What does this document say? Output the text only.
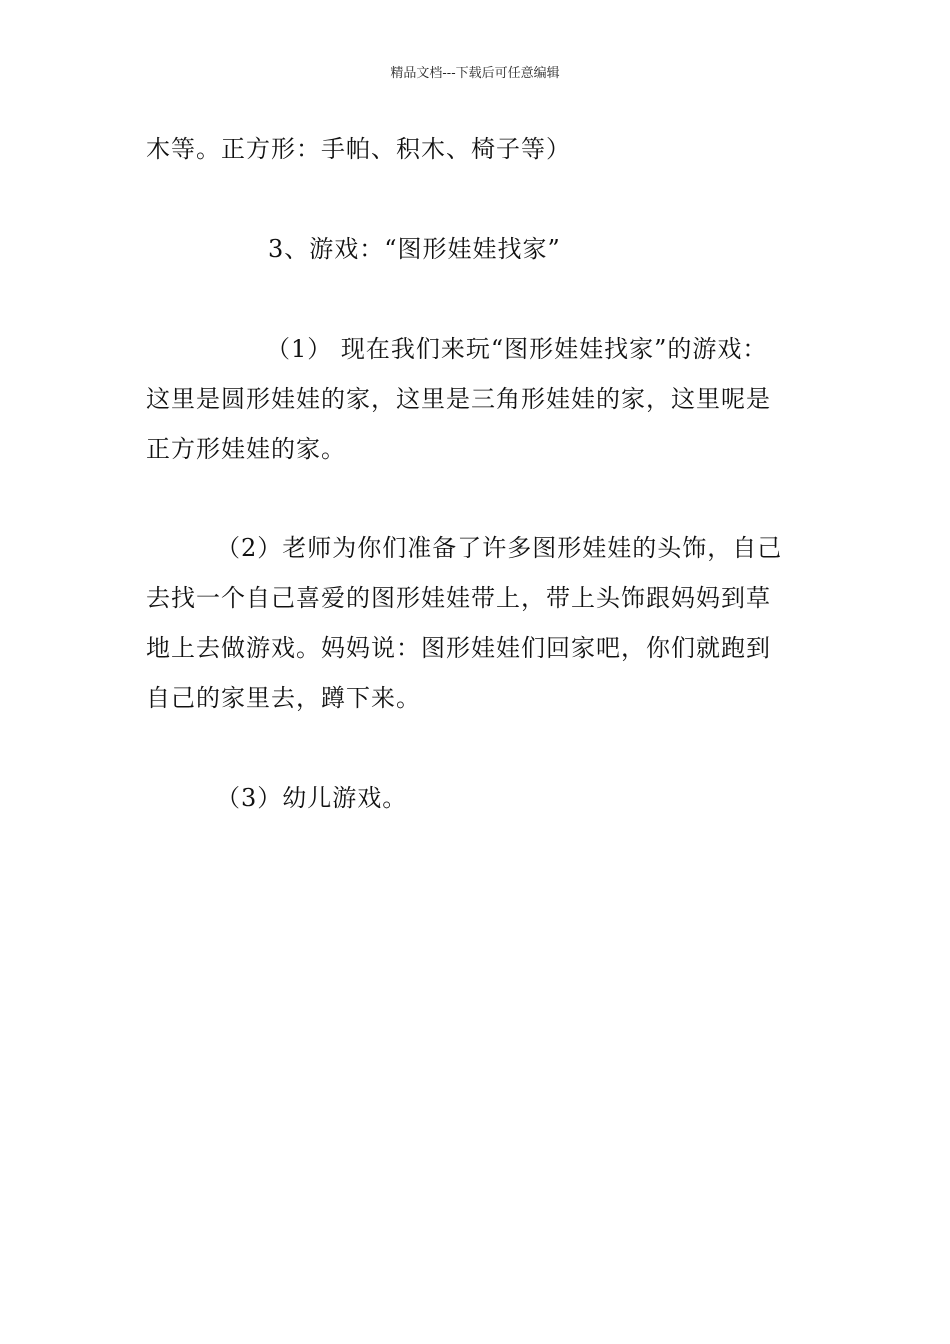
精品文档---下载后可任意编辑
木等。正方形：手帕、积木、椅子等）
3、游戏：“图形娃娃找家”
（1） 现在我们来玩“图形娃娃找家”的游戏：
这里是圆形娃娃的家，这里是三角形娃娃的家，这里呢是
正方形娃娃的家。
（2）老师为你们准备了许多图形娃娃的头饰，自己
去找一个自己喜爱的图形娃娃带上，带上头饰跟妈妈到草
地上去做游戏。妈妈说：图形娃娃们回家吧，你们就跑到
自己的家里去，蹲下来。
（3）幼儿游戏。
